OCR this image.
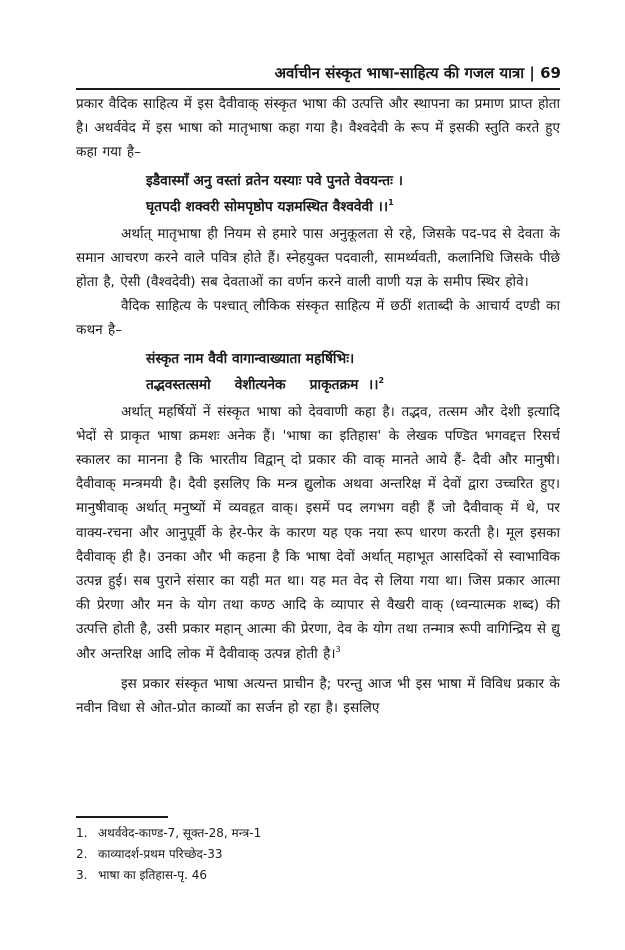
अर्वाचीन संस्कृत भाषा-साहित्य की गजल यात्रा | 69

प्रकार वैदिक साहित्य में इस दैवीवाक् संस्कृत भाषा की उत्पत्ति और स्थापना का प्रमाण प्राप्त होता है। अथर्ववेद में इस भाषा को मातृभाषा कहा गया है। वैश्वदेवी के रूप में इसकी स्तुति करते हुए कहा गया है–

इडैवास्माँ अनु वस्तां व्रतेन यस्याः पवे पुनते वेवयन्तः ।

घृतपदी शक्वरी सोमपृष्ठोप यज्ञमस्थित वैश्ववेवी ।।$^1$

अर्थात् मातृभाषा ही नियम से हमारे पास अनुकूलता से रहे, जिसके पद-पद से देवता के समान आचरण करने वाले पवित्र होते हैं। स्नेहयुक्त पदवाली, सामर्थ्यवती, कलानिधि जिसके पीछे होता है, ऐसी (वैश्वदेवी) सब देवताओं का वर्णन करने वाली वाणी यज्ञ के समीप स्थिर होवे।

वैदिक साहित्य के पश्चात् लौकिक संस्कृत साहित्य में छठीं शताब्दी के आचार्य दण्डी का कथन है–

संस्कृत नाम वैवी वागान्वाख्याता महर्षिभिः।

तद्भवस्तत्समो     वेशीत्यनेक     प्राकृतक्रम  ।।$^2$

अर्थात् महर्षियों नें संस्कृत भाषा को देववाणी कहा है। तद्भव, तत्सम और देशी इत्यादि भेदों से प्राकृत भाषा क्रमशः अनेक हैं। 'भाषा का इतिहास' के लेखक पण्डित भगवद्दत्त रिसर्च स्कालर का मानना है कि भारतीय विद्वान् दो प्रकार की वाक् मानते आये हैं- दैवी और मानुषी। दैवीवाक् मन्त्रमयी है। दैवी इसलिए कि मन्त्र द्युलोक अथवा अन्तरिक्ष में देवों द्वारा उच्चरित हुए। मानुषीवाक् अर्थात् मनुष्यों में व्यवहृत वाक्। इसमें पद लगभग वही हैं जो दैवीवाक् में थे, पर वाक्य-रचना और आनुपूर्वी के हेर-फेर के कारण यह एक नया रूप धारण करती है। मूल इसका दैवीवाक् ही है। उनका और भी कहना है कि भाषा देवों अर्थात् महाभूत आसदिकों से स्वाभाविक उत्पन्न हुई। सब पुराने संसार का यही मत था। यह मत वेद से लिया गया था। जिस प्रकार आत्मा की प्रेरणा और मन के योग तथा कण्ठ आदि के व्यापार से वैखरी वाक् (ध्वन्यात्मक शब्द) की उत्पत्ति होती है, उसी प्रकार महान् आत्मा की प्रेरणा, देव के योग तथा तन्मात्र रूपी वागिन्द्रिय से द्यु और अन्तरिक्ष आदि लोक में दैवीवाक् उत्पन्न होती है।$^3$

इस प्रकार संस्कृत भाषा अत्यन्त प्राचीन है; परन्तु आज भी इस भाषा में विविध प्रकार के नवीन विधा से ओत-प्रोत काव्यों का सर्जन हो रहा है। इसलिए

1. अथर्ववेद-काण्ड-7, सूक्त-28, मन्त्र-1

2. काव्यादर्श-प्रथम परिच्छेद-33

3. भाषा का इतिहास-पृ. 46
